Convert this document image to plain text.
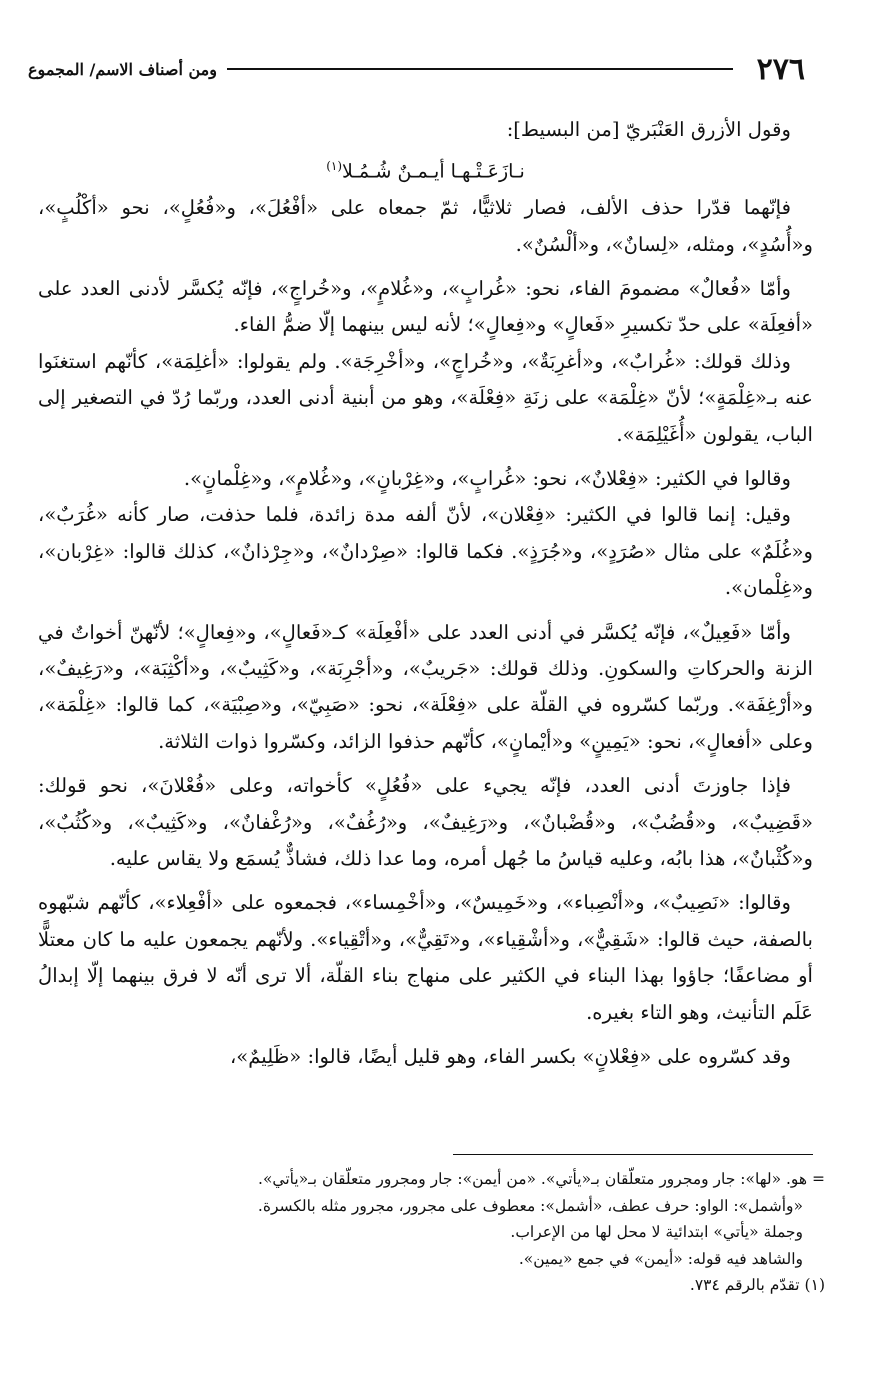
٢٧٦
ومن أصناف الاسم/ المجموع

وقول الأزرق العَنْبَريّ [من البسيط]:

نـازَعَـتْـهـا أيـمـنٌ شُـمُـلا$^{(١)}$

فإنّهما قدّرا حذف الألف، فصار ثلاثيًّا، ثمّ جمعاه على «أفْعُلَ»، و«فُعُلٍ»، نحو «أكْلُبٍ»، و«أُسُدٍ»، ومثله، «لِسانٌ»، و«ألْسُنٌ».

وأمّا «فُعالٌ» مضمومَ الفاء، نحو: «غُرابٍ»، و«غُلامٍ»، و«خُراجٍ»، فإنّه يُكسَّر لأدنى العدد على «أفعِلَة» على حدّ تكسيرِ «فَعالٍ» و«فِعالٍ»؛ لأنه ليس بينهما إلّا ضمُّ الفاء.

وذلك قولك: «غُرابٌ»، و«أغرِبَةٌ»، و«خُراجٍ»، و«أخْرِجَة». ولم يقولوا: «أغلِمَة»، كأنّهم استغنَوا عنه بـ«غِلْمَةٍ»؛ لأنّ «غِلْمَة» على زنَةِ «فِعْلَة»، وهو من أبنية أدنى العدد، وربّما رُدّ في التصغير إلى الباب، يقولون «أُغَيْلِمَة».

وقالوا في الكثير: «فِعْلانٌ»، نحو: «غُرابٍ»، و«غِرْبانٍ»، و«غُلامٍ»، و«غِلْمانٍ».

وقيل: إنما قالوا في الكثير: «فِعْلان»، لأنّ ألفه مدة زائدة، فلما حذفت، صار كأنه «غُرَبٌ»، و«غُلَمٌ» على مثال «صُرَدٍ»، و«جُرَذٍ». فكما قالوا: «صِرْدانٌ»، و«جِرْذانٌ»، كذلك قالوا: «غِرْبان»، و«غِلْمان».

وأمّا «فَعِيلٌ»، فإنّه يُكسَّر في أدنى العدد على «أفْعِلَة» كـ«فَعالٍ»، و«فِعالٍ»؛ لأنّهنّ أخواتٌ في الزنة والحركاتِ والسكونِ. وذلك قولك: «جَريبٌ»، و«أجْرِبَة»، و«كَثِيبٌ»، و«أكْثِبَة»، و«رَغِيفٌ»، و«أرْغِفَة». وربّما كسّروه في القلّة على «فِعْلَة»، نحو: «صَبِيّ»، و«صِبْيَة»، كما قالوا: «غِلْمَة»، وعلى «أفعالٍ»، نحو: «يَمِينٍ» و«أيْمانٍ»، كأنّهم حذفوا الزائد، وكسّروا ذوات الثلاثة.

فإذا جاوزتَ أدنى العدد، فإنّه يجيء على «فُعُلٍ» كأخواته، وعلى «فُعْلانَ»، نحو قولك: «قَضِيبٌ»، و«قُضُبٌ»، و«قُضْبانٌ»، و«رَغِيفٌ»، و«رُغُفٌ»، و«رُغْفانٌ»، و«كَثِيبٌ»، و«كُثُبٌ»، و«كُثْبانٌ»، هذا بابُه، وعليه قياسُ ما جُهل أمره، وما عدا ذلك، فشاذٌّ يُسمَع ولا يقاس عليه.

وقالوا: «نَصِيبٌ»، و«أنْصِباء»، و«خَمِيسٌ»، و«أخْمِساء»، فجمعوه على «أفْعِلاء»، كأنّهم شبّهوه بالصفة، حيث قالوا: «شَقِيٌّ»، و«أشْقِياء»، و«تَقِيٌّ»، و«أتْقِياء». ولأنّهم يجمعون عليه ما كان معتلًّا أو مضاعفًا؛ جاؤوا بهذا البناء في الكثير على منهاج بناء القلّة، ألا ترى أنّه لا فرق بينهما إلّا إبدالُ عَلَم التأنيث، وهو التاء بغيره.

وقد كسّروه على «فِعْلانٍ» بكسر الفاء، وهو قليل أيضًا، قالوا: «ظَلِيمٌ»،

= هو. «لها»: جار ومجرور متعلّقان بـ«يأتي». «من أيمن»: جار ومجرور متعلّقان بـ«يأتي».

«وأشمل»: الواو: حرف عطف، «أشمل»: معطوف على مجرور، مجرور مثله بالكسرة.

وجملة «يأتي» ابتدائية لا محل لها من الإعراب.

والشاهد فيه قوله: «أيمن» في جمع «يمين».

(١) تقدّم بالرقم ٧٣٤.
